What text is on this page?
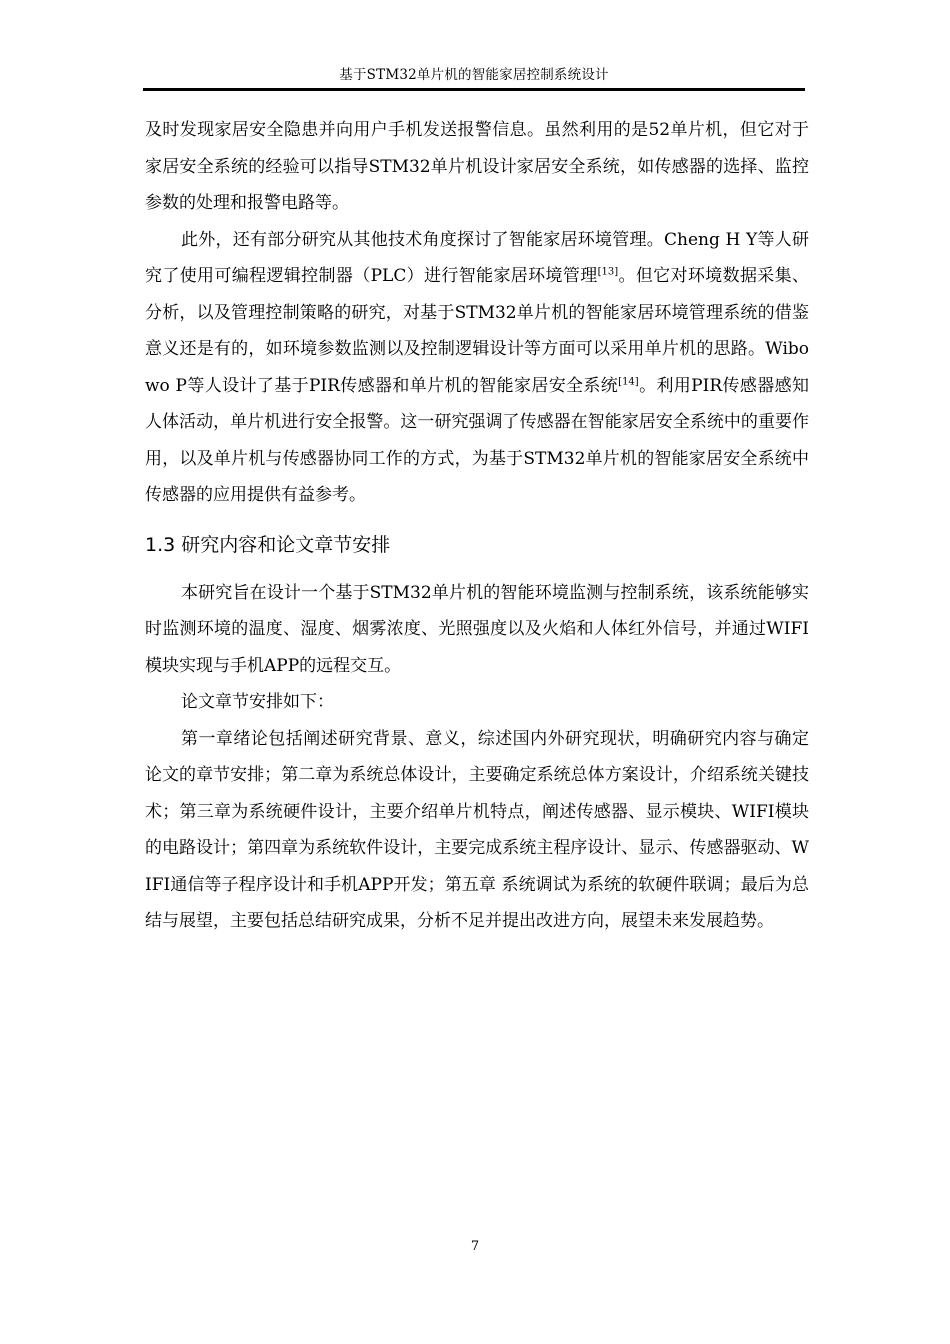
基于STM32单片机的智能家居控制系统设计

及时发现家居安全隐患并向用户手机发送报警信息。虽然利用的是52单片机，但它对于家居安全系统的经验可以指导STM32单片机设计家居安全系统，如传感器的选择、监控参数的处理和报警电路等。

此外，还有部分研究从其他技术角度探讨了智能家居环境管理。Cheng H Y等人研究了使用可编程逻辑控制器（PLC）进行智能家居环境管理[13]。但它对环境数据采集、分析，以及管理控制策略的研究，对基于STM32单片机的智能家居环境管理系统的借鉴意义还是有的，如环境参数监测以及控制逻辑设计等方面可以采用单片机的思路。Wibowo P等人设计了基于PIR传感器和单片机的智能家居安全系统[14]。利用PIR传感器感知人体活动，单片机进行安全报警。这一研究强调了传感器在智能家居安全系统中的重要作用，以及单片机与传感器协同工作的方式，为基于STM32单片机的智能家居安全系统中传感器的应用提供有益参考。

1.3 研究内容和论文章节安排

本研究旨在设计一个基于STM32单片机的智能环境监测与控制系统，该系统能够实时监测环境的温度、湿度、烟雾浓度、光照强度以及火焰和人体红外信号，并通过WIFI模块实现与手机APP的远程交互。

论文章节安排如下：

第一章绪论包括阐述研究背景、意义，综述国内外研究现状，明确研究内容与确定论文的章节安排；第二章为系统总体设计，主要确定系统总体方案设计，介绍系统关键技术；第三章为系统硬件设计，主要介绍单片机特点，阐述传感器、显示模块、WIFI模块的电路设计；第四章为系统软件设计，主要完成系统主程序设计、显示、传感器驱动、WIFI通信等子程序设计和手机APP开发；第五章 系统调试为系统的软硬件联调；最后为总结与展望，主要包括总结研究成果，分析不足并提出改进方向，展望未来发展趋势。

7
